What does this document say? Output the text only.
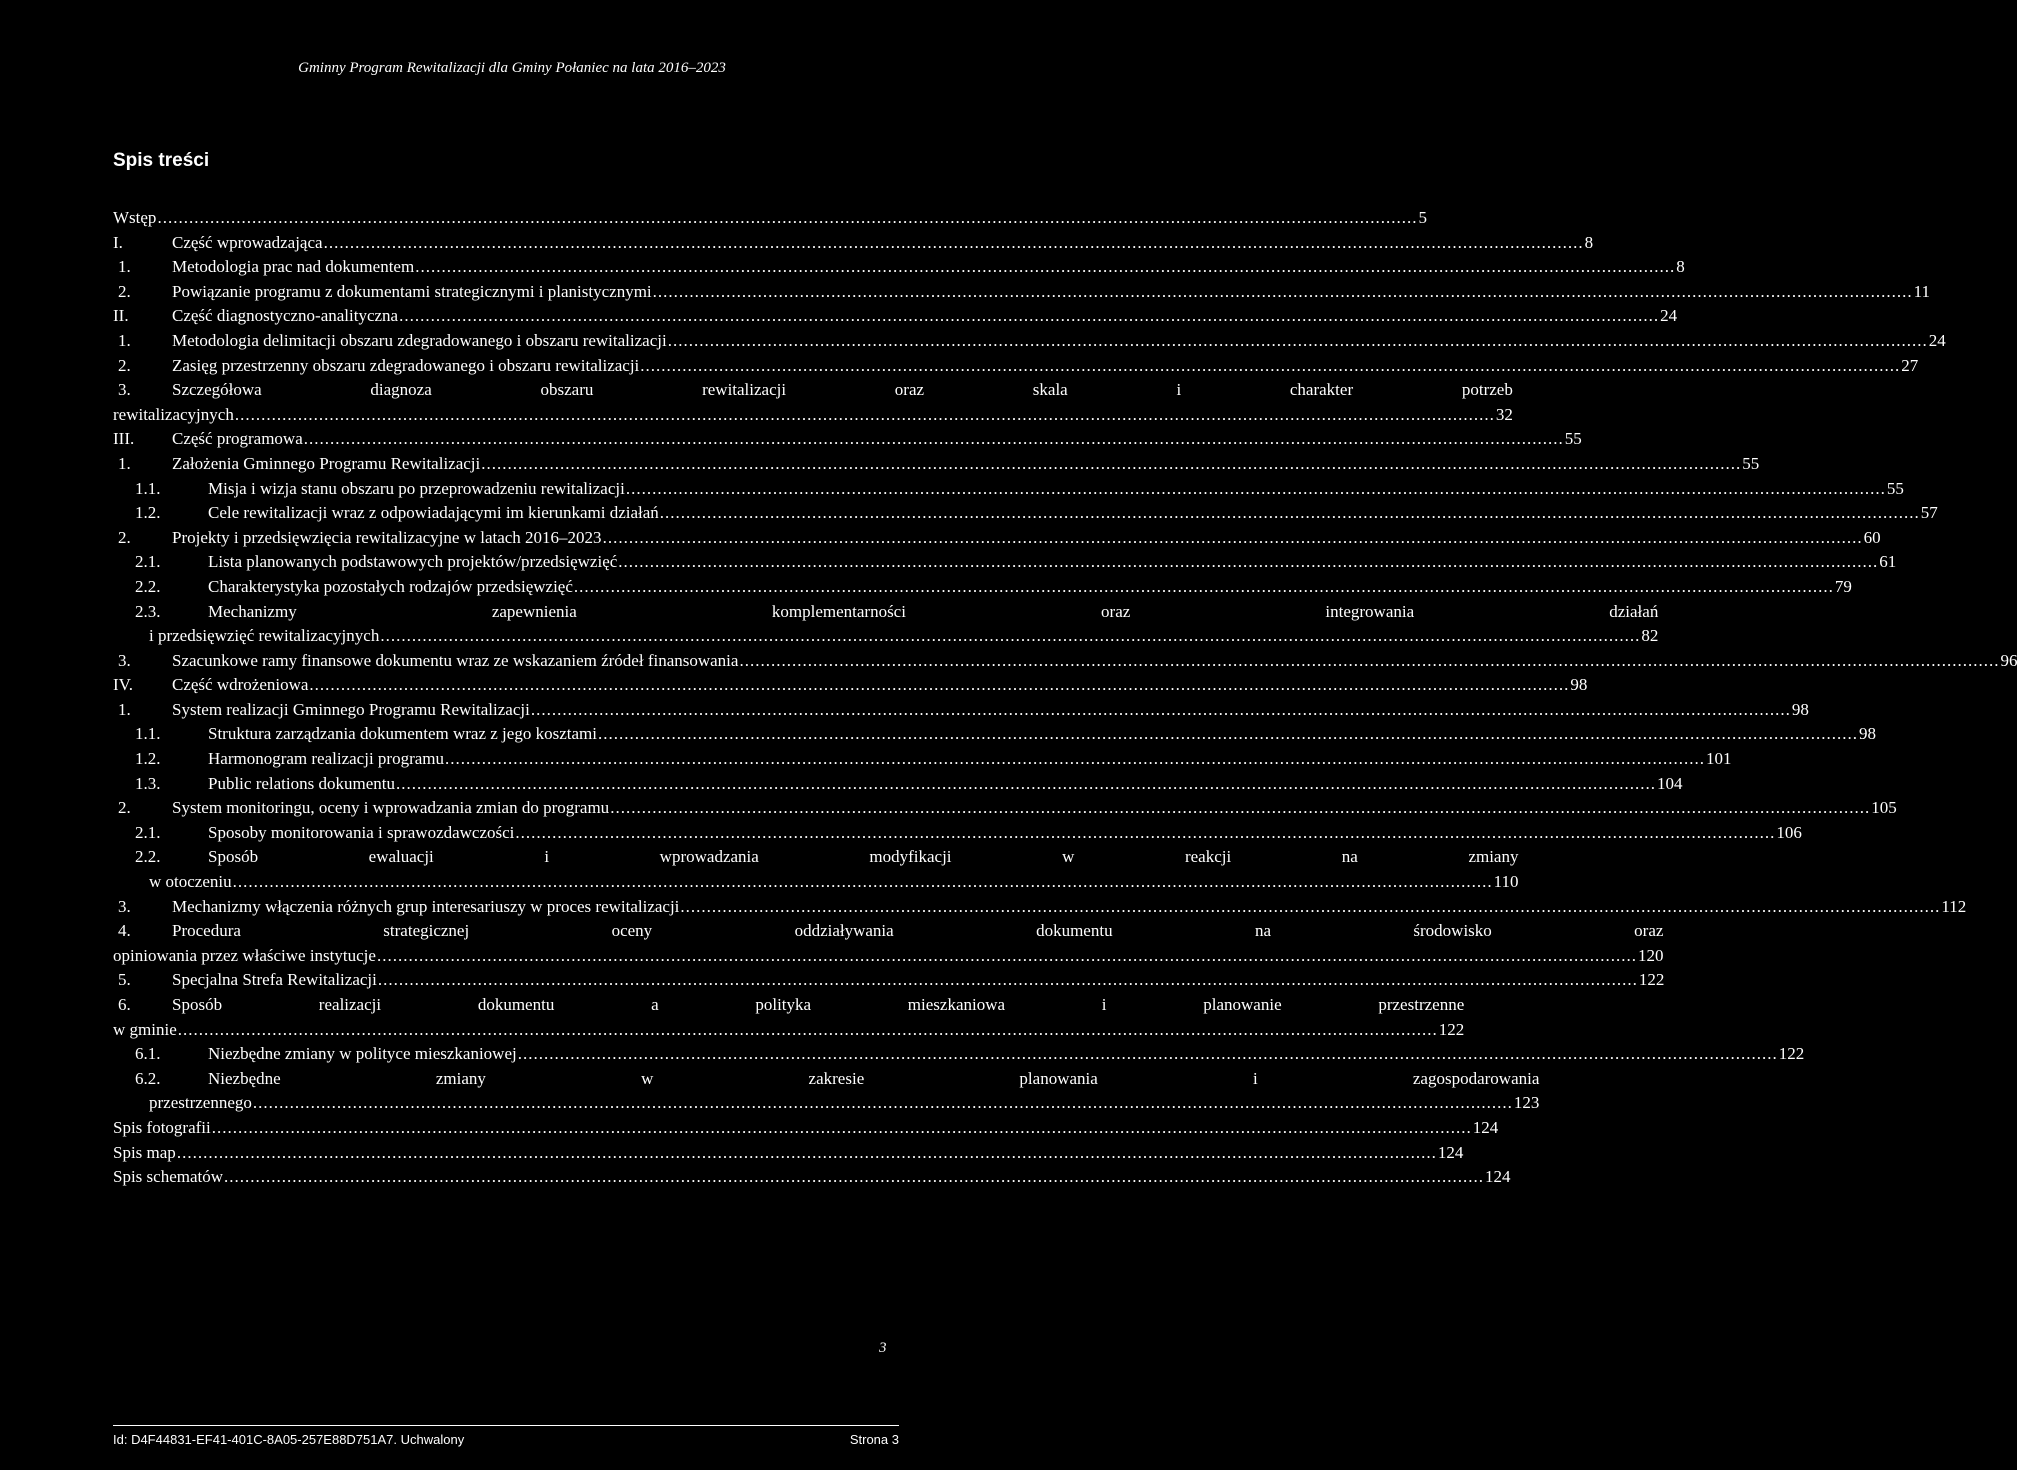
Gminny Program Rewitalizacji dla Gminy Połaniec na lata 2016–2023
Spis treści
Wstęp .....	5
I.	Część wprowadzająca .....	8
1.	Metodologia prac nad dokumentem .....	8
2.	Powiązanie programu z dokumentami strategicznymi i planistycznymi .....	11
II.	Część diagnostyczno-analityczna .....	24
1.	Metodologia delimitacji obszaru zdegradowanego i obszaru rewitalizacji .....	24
2.	Zasięg przestrzenny obszaru zdegradowanego i obszaru rewitalizacji .....	27
3.	Szczegółowa diagnoza obszaru rewitalizacji oraz skala i charakter potrzeb
rewitalizacyjnych .....	32
III.	Część programowa .....	55
1.	Założenia Gminnego Programu Rewitalizacji .....	55
1.1.	Misja i wizja stanu obszaru po przeprowadzeniu rewitalizacji .....	55
1.2.	Cele rewitalizacji wraz z odpowiadającymi im kierunkami działań .....	57
2.	Projekty i przedsięwzięcia rewitalizacyjne w latach 2016–2023 .....	60
2.1.	Lista planowanych podstawowych projektów/przedsięwzięć .....	61
2.2.	Charakterystyka pozostałych rodzajów przedsięwzięć .....	79
2.3.	Mechanizmy zapewnienia komplementarności oraz integrowania działań
i przedsięwzięć rewitalizacyjnych .....	82
3.	Szacunkowe ramy finansowe dokumentu wraz ze wskazaniem źródeł finansowania .....	96
IV.	Część wdrożeniowa .....	98
1.	System realizacji Gminnego Programu Rewitalizacji .....	98
1.1.	Struktura zarządzania dokumentem wraz z jego kosztami .....	98
1.2.	Harmonogram realizacji programu .....	101
1.3.	Public relations dokumentu .....	104
2.	System monitoringu, oceny i wprowadzania zmian do programu .....	105
2.1.	Sposoby monitorowania i sprawozdawczości .....	106
2.2.	Sposób ewaluacji i wprowadzania modyfikacji w reakcji na zmiany
w otoczeniu .....	110
3.	Mechanizmy włączenia różnych grup interesariuszy w proces rewitalizacji .....	112
4.	Procedura strategicznej oceny oddziaływania dokumentu na środowisko oraz
opiniowania przez właściwe instytucje .....	120
5.	Specjalna Strefa Rewitalizacji .....	122
6.	Sposób realizacji dokumentu a polityka mieszkaniowa i planowanie przestrzenne
w gminie .....	122
6.1.	Niezbędne zmiany w polityce mieszkaniowej .....	122
6.2.	Niezbędne zmiany w zakresie planowania i zagospodarowania
przestrzennego .....	123
Spis fotografii .....	124
Spis map .....	124
Spis schematów .....	124
3
Id: D4F44831-EF41-401C-8A05-257E88D751A7. Uchwalony	Strona 3
